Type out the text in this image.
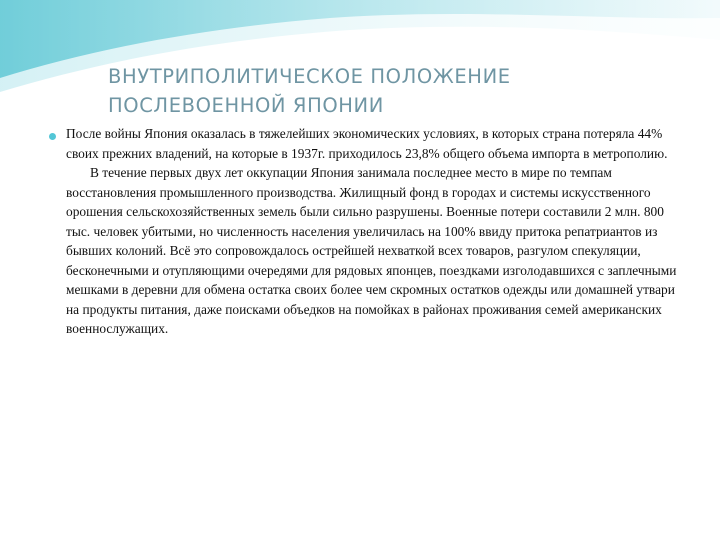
ВНУТРИПОЛИТИЧЕСКОЕ ПОЛОЖЕНИЕ
ПОСЛЕВОЕННОЙ ЯПОНИИ

После войны Япония оказалась в тяжелейших экономических условиях, в которых страна потеряла 44% своих прежних владений, на которые в 1937г. приходилось 23,8% общего объема импорта в метрополию.

В течение первых двух лет оккупации Япония занимала последнее место в мире по темпам восстановления промышленного производства. Жилищный фонд в городах и системы искусственного орошения сельскохозяйственных земель были сильно разрушены. Военные потери составили 2 млн. 800 тыс. человек убитыми, но численность населения увеличилась на 100% ввиду притока репатриантов из бывших колоний. Всё это сопровождалось острейшей нехваткой всех товаров, разгулом спекуляции, бесконечными и отупляющими очередями для рядовых японцев, поездками изголодавшихся с заплечными мешками в деревни для обмена остатка своих более чем скромных остатков одежды или домашней утвари на продукты питания, даже поисками объедков на помойках в районах проживания семей американских военнослужащих.
